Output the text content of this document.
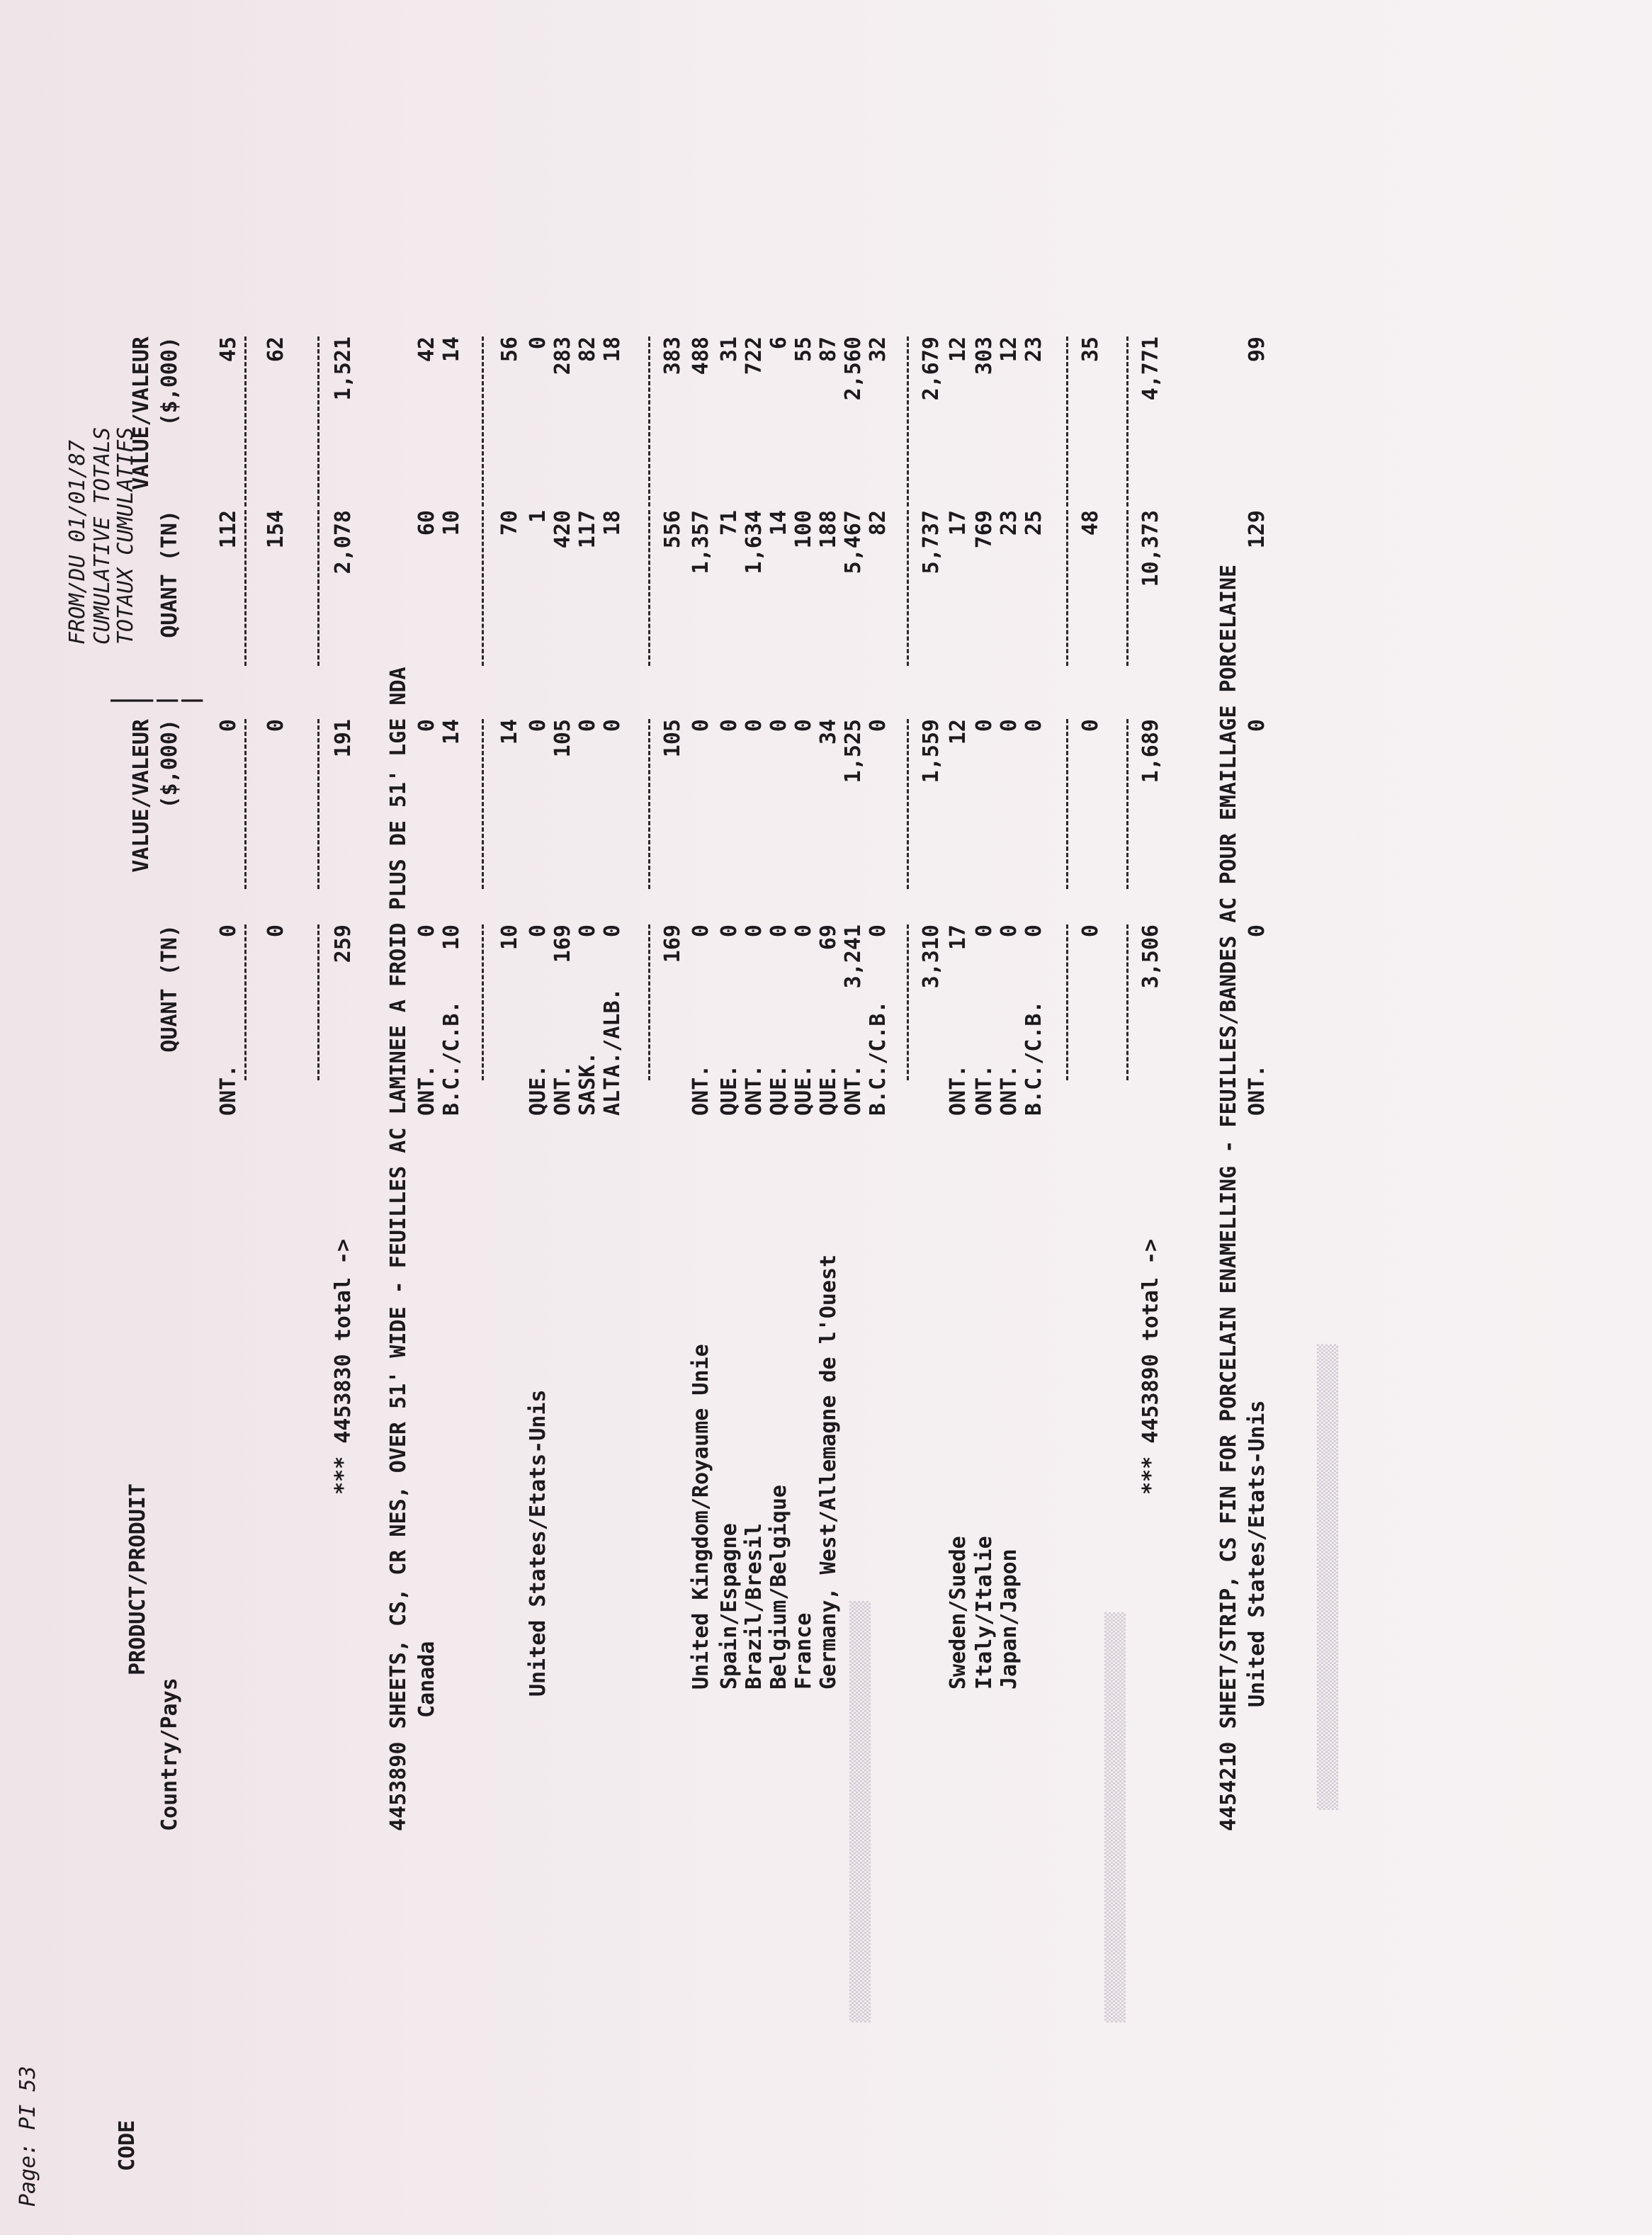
▒▒▒▒▒▒▒▒▒▒▒▒▒▒▒▒▒▒▒▒▒▒▒▒▒▒▒▒▒▒▒▒▒▒▒▒▒▒	▒▒▒▒▒▒▒▒▒▒▒▒▒▒▒▒▒▒▒▒▒▒▒▒▒▒▒▒▒▒▒▒▒▒▒▒▒
▒▒▒▒▒▒▒▒▒▒▒▒▒▒▒▒▒▒▒▒▒▒▒▒▒▒▒▒▒▒▒▒▒▒▒▒▒▒▒▒▒▒
Page: PI 53	CODE
Country/Pays
PRODUCT/PRODUIT
QUANT (TN)
VALUE/VALEUR ($,000)
|
| | |
FROM/DU 01/01/87 CUMULATIVE TOTALS
TOTAUX CUMULATIFS QUANT (TN)
VALUE/VALEUR ($,000)
ONT.
0
0
112
45
0
0
154
62
*** 4453830 total ->
259
191
2,078
1,521
4453890 SHEETS, CS, CR NES, OVER 51' WIDE - FEUILLES AC LAMINEE A FROID PLUS DE 51' LGE NDA Canada
ONT.
0
0
60
42
B.C./C.B.
10
14
10
14
10
14
70
56
United States/Etats-Unis
QUE.
0
0
1
0
ONT.
169
105
420
283
SASK.
0
0
117
82
ALTA./ALB.
0
0
18
18
169
105
556
383
United Kingdom/Royaume Unie
ONT.
0
0
1,357
488
Spain/Espagne
QUE.
0
0
71
31
Brazil/Bresil
ONT.
0
0
1,634
722
Belgium/Belgique
QUE.
0
0
14
6
France
QUE.
0
0
100
55
Germany, West/Allemagne de l'Ouest
QUE.
69
34
188
87
ONT.
3,241
1,525
5,467
2,560
B.C./C.B.
0
0
82
32
3,310
1,559
5,737
2,679
Sweden/Suede
ONT.
17
12
17
12
Italy/Italie
ONT.
0
0
769
303
Japan/Japon
ONT.
0
0
23
12
B.C./C.B.
0
0
25
23
0
0
48
35
*** 4453890 total ->
3,506
1,689
10,373
4,771
4454210 SHEET/STRIP, CS FIN FOR PORCELAIN ENAMELLING - FEUILLES/BANDES AC POUR EMAILLAGE PORCELAINE United States/Etats-Unis
ONT.
0
0
129
99
